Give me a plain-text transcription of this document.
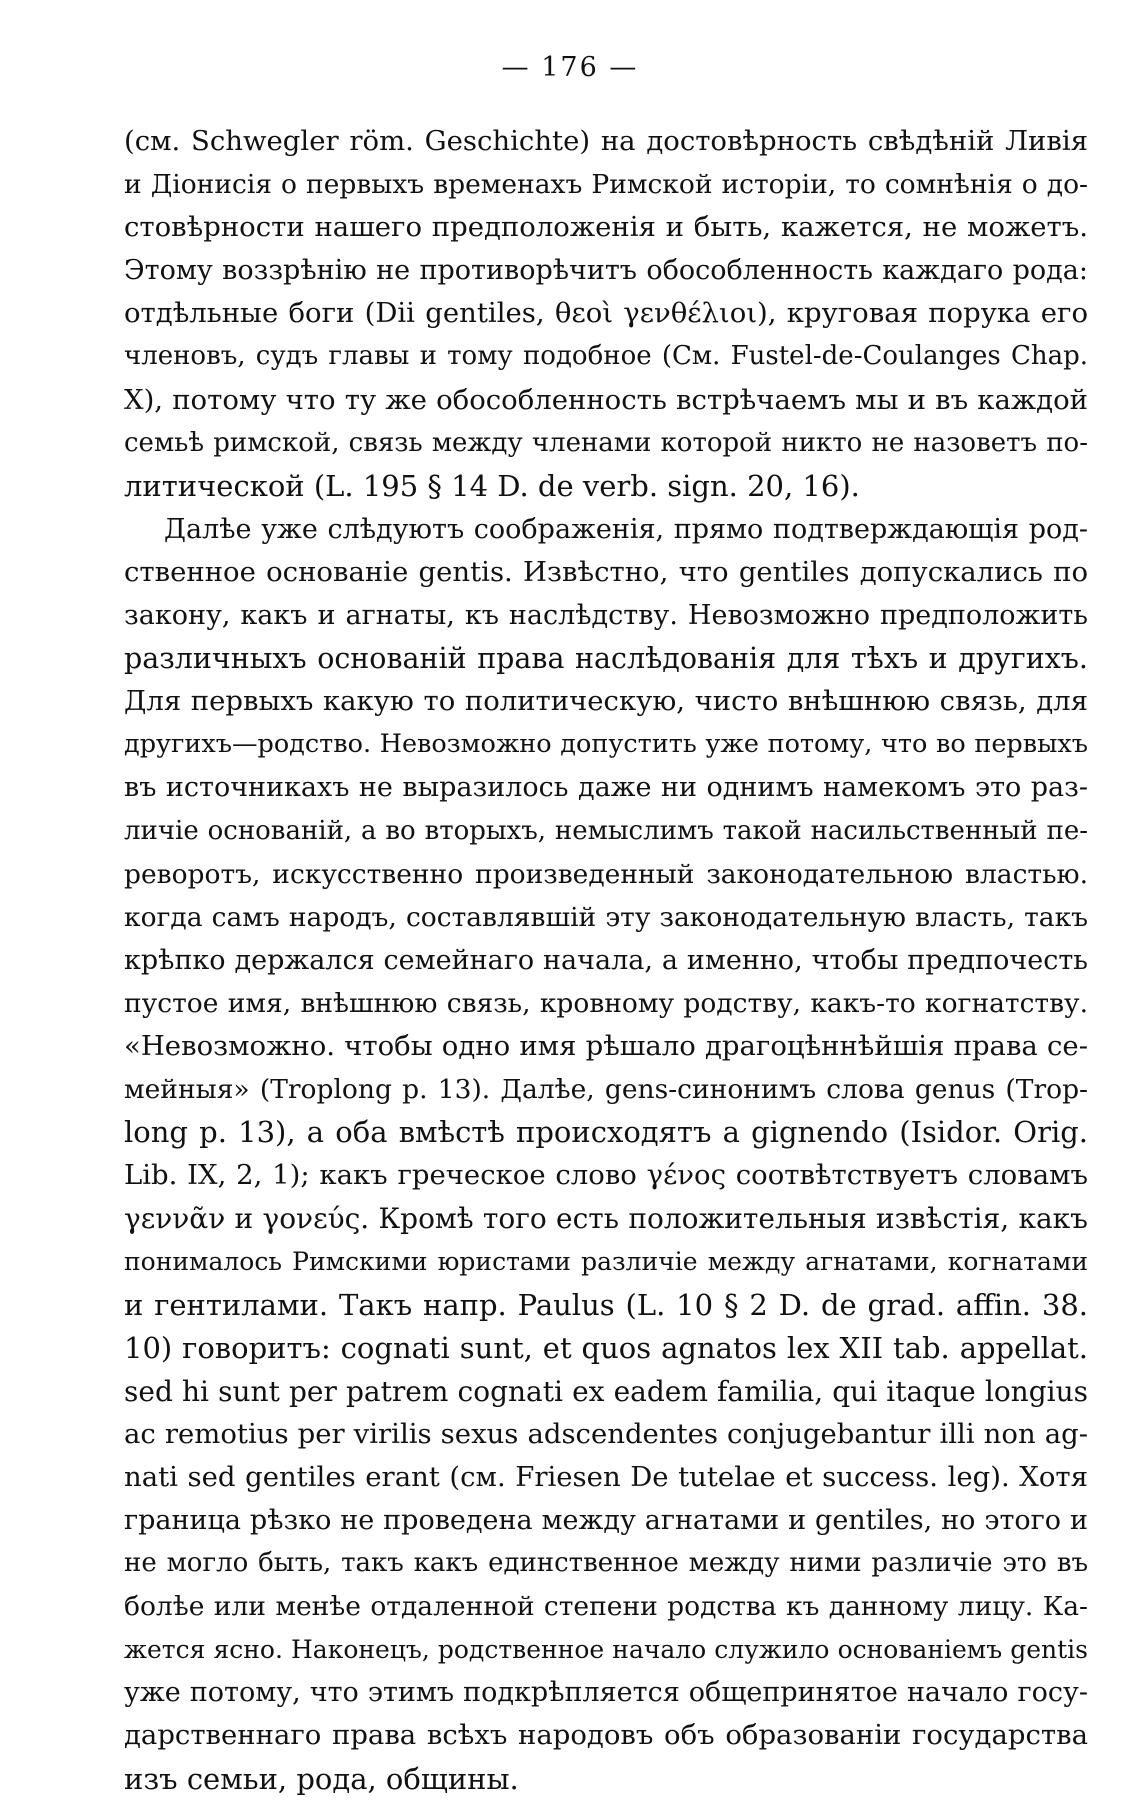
— 176 —
(см. Schwegler röm. Geschichte) на достовѣрность свѣдѣнiй Ливія
и Діонисія о первыхъ временахъ Римской исторіи, то сомнѣнія о до-
стовѣрности нашего предположенія и быть, кажется, не можетъ.
Этому воззрѣнію не противорѣчитъ обособленность каждаго рода:
отдѣльные боги (Dii gentiles, θεοὶ γενθέλιοι), круговая порука его
членовъ, судъ главы и тому подобное (См. Fustel-de-Coulanges Chap.
X), потому что ту же обособленность встрѣчаемъ мы и въ каждой
семьѣ римской, связь между членами которой никто не назоветъ по-
литической (L. 195 § 14 D. de verb. sign. 20, 16).
Далѣе уже слѣдуютъ соображенія, прямо подтверждающія род-
ственное основаніе gentis. Извѣстно, что gentiles допускались по
закону, какъ и агнаты, къ наслѣдству. Невозможно предположить
различныхъ основанiй права наслѣдованія для тѣхъ и другихъ.
Для первыхъ какую то политическую, чисто внѣшнюю связь, для
другихъ—родство. Невозможно допустить уже потому, что во первыхъ
въ источникахъ не выразилось даже ни однимъ намекомъ это раз-
личіе основанiй, а во вторыхъ, немыслимъ такой насильственный пе-
реворотъ, искусственно произведенный законодательною властью.
когда самъ народъ, составлявшiй эту законодательную власть, такъ
крѣпко держался семейнаго начала, а именно, чтобы предпочесть
пустое имя, внѣшнюю связь, кровному родству, какъ-то когнатству.
«Невозможно. чтобы одно имя рѣшало драгоцѣннѣйшія права се-
мейныя» (Troplong p. 13). Далѣе, gens-синонимъ слова genus (Trop-
long p. 13), а оба вмѣстѣ происходятъ a gignendo (Isidor. Orig.
Lib. IX, 2, 1); какъ греческое слово γένος соотвѣтствуетъ словамъ
γεννᾶν и γονεύς. Кромѣ того есть положительныя извѣстія, какъ
понималось Римскими юристами различіе между агнатами, когнатами
и гентилами. Такъ напр. Paulus (L. 10 § 2 D. de grad. affin. 38.
10) говоритъ: cognati sunt, et quos agnatos lex XII tab. appellat.
sed hi sunt per patrem cognati ex eadem familia, qui itaque longius
ac remotius per virilis sexus adscendentes conjugebantur illi non ag-
nati sed gentiles erant (см. Friesen De tutelae et success. leg). Хотя
граница рѣзко не проведена между агнатами и gentiles, но этого и
не могло быть, такъ какъ единственное между ними различіе это въ
болѣе или менѣе отдаленной степени родства къ данному лицу. Ка-
жется ясно. Наконецъ, родственное начало служило основаніемъ gentis
уже потому, что этимъ подкрѣпляется общепринятое начало госу-
дарственнаго права всѣхъ народовъ объ образованiи государства
изъ семьи, рода, общины.
